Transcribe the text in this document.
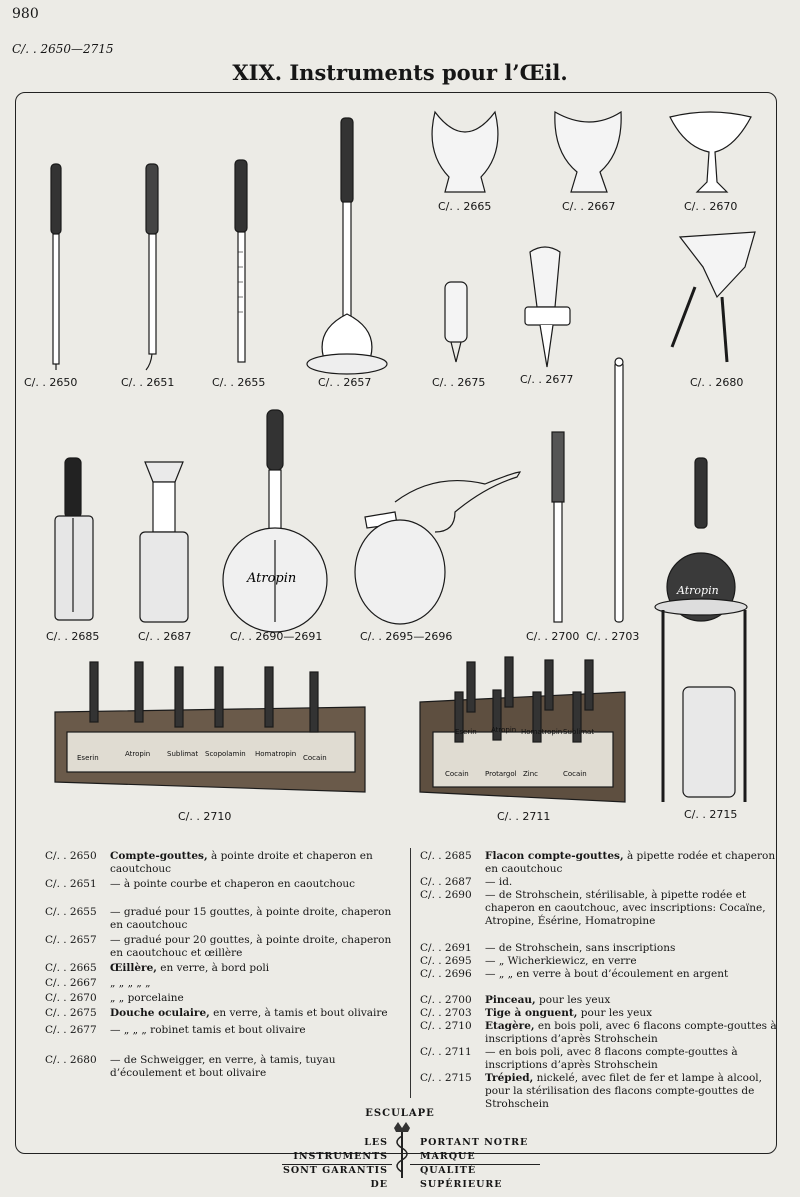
980
C/. . 2650—2715
XIX. Instruments pour l’Œil.
Atropin
Atropin
Eserin	Atropin Sublimat Scopolamin Homatropin Cocain
Eserin Atropin Homatropin Sublimat
Cocain Protargol Zinc	Cocain
C/. . 2650	C/. . 2651	C/. . 2655	C/. . 2657
C/. . 2665	C/. . 2667	C/. . 2670
C/. . 2675	C/. . 2677	C/. . 2680
C/. . 2685	C/. . 2687	C/. . 2690—2691	C/. . 2695—2696	C/. . 2700 C/. . 2703
C/. . 2710	C/. . 2711	C/. . 2715
C/. . 2650	Compte-gouttes, à pointe droite et chaperon en caoutchouc
C/. . 2651	— à pointe courbe et chaperon en caoutchouc
C/. . 2655	— gradué pour 15 gouttes, à pointe droite, chaperon en caoutchouc
C/. . 2657	— gradué pour 20 gouttes, à pointe droite, chaperon en caoutchouc et œillère
C/. . 2665	Œillère, en verre, à bord poli
C/. . 2667	„ „ „ „ „
C/. . 2670	„ „ porcelaine
C/. . 2675	Douche oculaire, en verre, à tamis et bout olivaire
C/. . 2677	— „ „ „ robinet tamis et bout olivaire
C/. . 2680	— de Schweigger, en verre, à tamis, tuyau d’écoulement et bout olivaire
C/. . 2685	Flacon compte-gouttes, à pipette rodée et chaperon en caoutchouc
C/. . 2687	— id.
C/. . 2690	— de Strohschein, stérilisable, à pipette rodée et chaperon en caoutchouc, avec inscriptions: Cocaïne, Atropine, Ésérine, Homatropine
C/. . 2691	— de Strohschein, sans inscriptions
C/. . 2695	— „ Wicherkiewicz, en verre
C/. . 2696	— „ „ en verre à bout d’écoulement en argent
C/. . 2700	Pinceau, pour les yeux
C/. . 2703	Tige à onguent, pour les yeux
C/. . 2710	Etagère, en bois poli, avec 6 flacons compte-gouttes à inscriptions d’après Strohschein
C/. . 2711	— en bois poli, avec 8 flacons compte-gouttes à inscriptions d’après Strohschein
C/. . 2715	Trépied, nickelé, avec filet de fer et lampe à alcool, pour la stérilisation des flacons compte-gouttes de Strohschein
ESCULAPE
LES INSTRUMENTS
SONT GARANTIS DE
PORTANT NOTRE MARQUE
QUALITÉ SUPÉRIEURE
